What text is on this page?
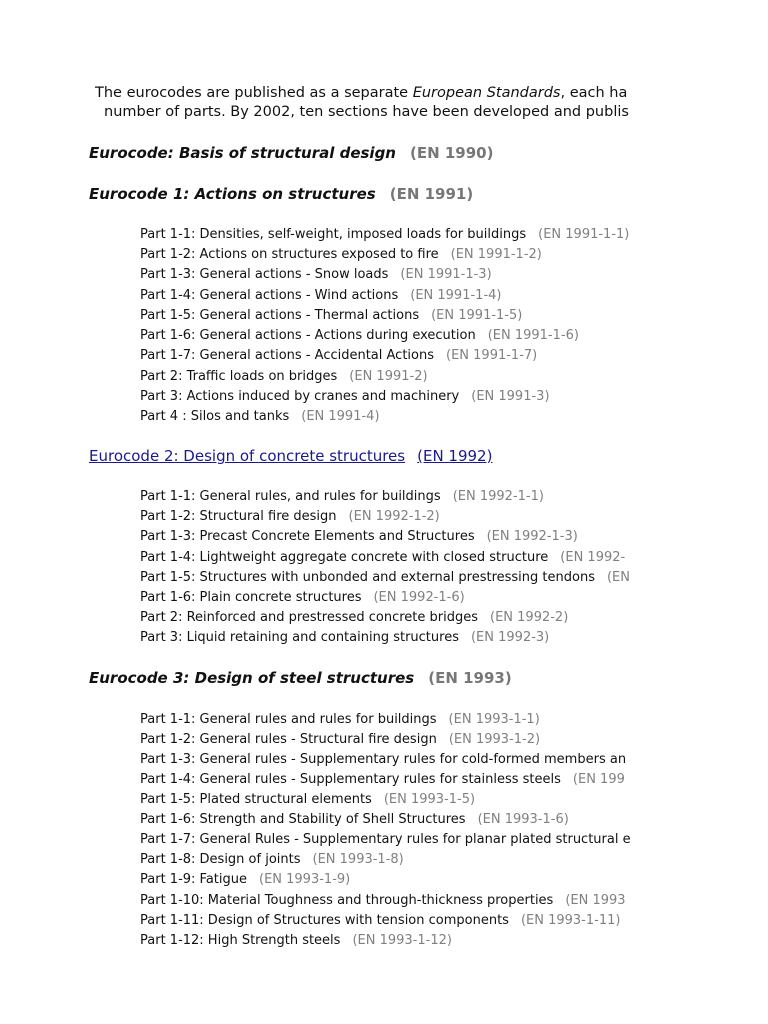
The eurocodes are published as a separate European Standards, each ha
number of parts. By 2002, ten sections have been developed and publis
Eurocode: Basis of structural design (EN 1990)
Eurocode 1: Actions on structures (EN 1991)
Part 1-1: Densities, self-weight, imposed loads for buildings (EN 1991-1-1)
Part 1-2: Actions on structures exposed to fire (EN 1991-1-2)
Part 1-3: General actions - Snow loads (EN 1991-1-3)
Part 1-4: General actions - Wind actions (EN 1991-1-4)
Part 1-5: General actions - Thermal actions (EN 1991-1-5)
Part 1-6: General actions - Actions during execution (EN 1991-1-6)
Part 1-7: General actions - Accidental Actions (EN 1991-1-7)
Part 2: Traffic loads on bridges (EN 1991-2)
Part 3: Actions induced by cranes and machinery (EN 1991-3)
Part 4 : Silos and tanks (EN 1991-4)
Eurocode 2: Design of concrete structures (EN 1992)
Part 1-1: General rules, and rules for buildings (EN 1992-1-1)
Part 1-2: Structural fire design (EN 1992-1-2)
Part 1-3: Precast Concrete Elements and Structures (EN 1992-1-3)
Part 1-4: Lightweight aggregate concrete with closed structure (EN 1992-
Part 1-5: Structures with unbonded and external prestressing tendons (EN
Part 1-6: Plain concrete structures (EN 1992-1-6)
Part 2: Reinforced and prestressed concrete bridges (EN 1992-2)
Part 3: Liquid retaining and containing structures (EN 1992-3)
Eurocode 3: Design of steel structures (EN 1993)
Part 1-1: General rules and rules for buildings (EN 1993-1-1)
Part 1-2: General rules - Structural fire design (EN 1993-1-2)
Part 1-3: General rules - Supplementary rules for cold-formed members an
Part 1-4: General rules - Supplementary rules for stainless steels (EN 199
Part 1-5: Plated structural elements (EN 1993-1-5)
Part 1-6: Strength and Stability of Shell Structures (EN 1993-1-6)
Part 1-7: General Rules - Supplementary rules for planar plated structural e
Part 1-8: Design of joints (EN 1993-1-8)
Part 1-9: Fatigue (EN 1993-1-9)
Part 1-10: Material Toughness and through-thickness properties (EN 1993
Part 1-11: Design of Structures with tension components (EN 1993-1-11)
Part 1-12: High Strength steels (EN 1993-1-12)
